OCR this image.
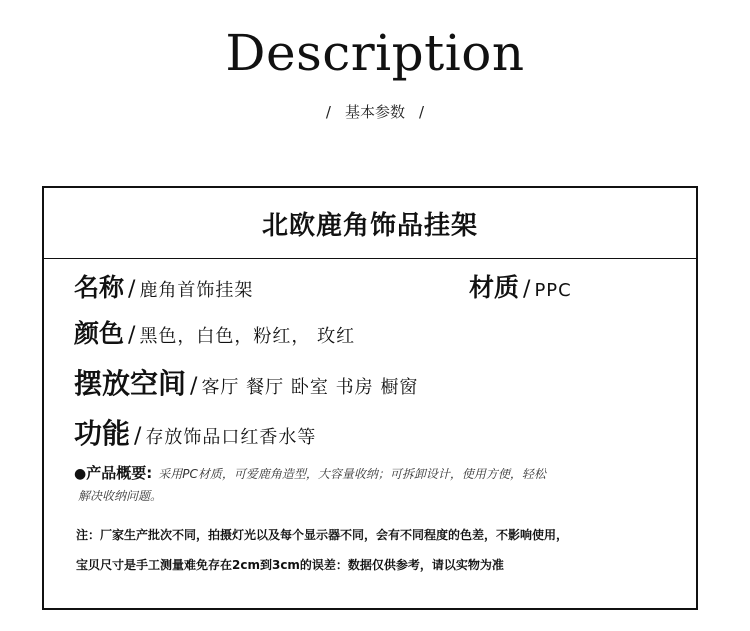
Description
/ 基本参数 /
北欧鹿角饰品挂架
名称 / 鹿角首饰挂架	材质 / PPC
颜色 / 黑色，白色，粉红， 玫红
摆放空间 / 客厅 餐厅 卧室 书房 橱窗
功能 / 存放饰品口红香水等
●产品概要: 采用PC材质，可爱鹿角造型，大容量收纳；可拆卸设计，使用方便，轻松
解决收纳问题。
注：厂家生产批次不同，拍摄灯光以及每个显示器不同，会有不同程度的色差，不影响使用，
宝贝尺寸是手工测量难免存在2cm到3cm的误差：数据仅供参考，请以实物为准
